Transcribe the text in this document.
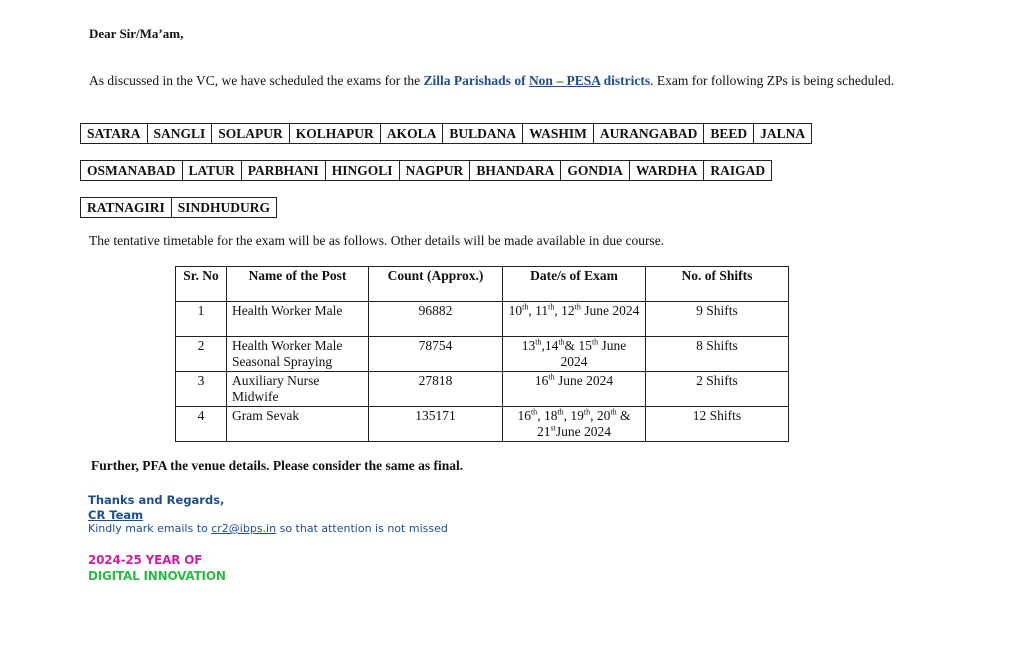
Dear Sir/Ma’am,
As discussed in the VC, we have scheduled the exams for the Zilla Parishads of Non – PESA districts. Exam for following ZPs is being scheduled.
SATARA SANGLI SOLAPUR KOLHAPUR AKOLA BULDANA WASHIM AURANGABAD BEED JALNA
OSMANABAD LATUR PARBHANI HINGOLI NAGPUR BHANDARA GONDIA WARDHA RAIGAD
RATNAGIRI SINDHUDURG
The tentative timetable for the exam will be as follows. Other details will be made available in due course.
Sr. No	Name of the Post	Count (Approx.)	Date/s of Exam	No. of Shifts
1	Health Worker Male	96882	10th, 11th, 12th June 2024	9 Shifts
2	Health Worker Male Seasonal Spraying	78754	13th,14th& 15th June 2024	8 Shifts
3	Auxiliary Nurse Midwife	27818	16th June 2024	2 Shifts
4	Gram Sevak	135171	16th, 18th, 19th, 20th & 21stJune 2024	12 Shifts
Further, PFA the venue details. Please consider the same as final.
Thanks and Regards,
CR Team
Kindly mark emails to cr2@ibps.in so that attention is not missed
2024-25 YEAR OF
DIGITAL INNOVATION
